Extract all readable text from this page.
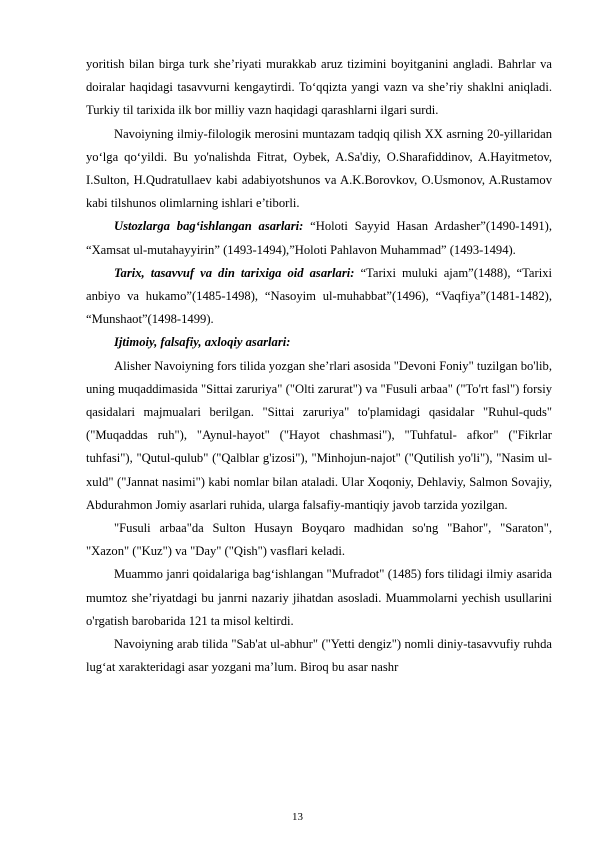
yoritish bilan birga turk she’riyati murakkab aruz tizimini boyitganini angladi. Bahrlar va doiralar haqidagi tasavvurni kengaytirdi. To‘qqizta yangi vazn va she’riy shaklni aniqladi. Turkiy til tarixida ilk bor milliy vazn haqidagi qarashlarni ilgari surdi.

Navoiyning ilmiy-filologik merosini muntazam tadqiq qilish XX asrning 20-yillaridan yo‘lga qo‘yildi. Bu yo'nalishda Fitrat, Oybek, A.Sa'diy, O.Sharafiddinov, A.Hayitmetov, I.Sulton, H.Qudratullaev kabi adabiyotshunos va A.K.Borovkov, O.Usmonov, A.Rustamov kabi tilshunos olimlarning ishlari e’tiborli.

Ustozlarga bag‘ishlangan asarlari: “Holoti Sayyid Hasan Ardasher”(1490-1491), “Xamsat ul-mutahayyirin” (1493-1494),”Holoti Pahlavon Muhammad” (1493-1494).

Tarix, tasavvuf va din tarixiga oid asarlari: “Tarixi muluki ajam”(1488), “Tarixi anbiyo va hukamo”(1485-1498), “Nasoyim ul-muhabbat”(1496), “Vaqfiya”(1481-1482), “Munshaot”(1498-1499).

Ijtimoiy, falsafiy, axloqiy asarlari:

Alisher Navoiyning fors tilida yozgan she’rlari asosida "Devoni Foniy" tuzilgan bo'lib, uning muqaddimasida "Sittai zaruriya" ("Olti zarurat") va "Fusuli arbaa" ("To'rt fasl") forsiy qasidalari majmualari berilgan. "Sittai zaruriya" to'plamidagi qasidalar "Ruhul-quds" ("Muqaddas ruh"), "Aynul-hayot" ("Hayot chashmasi"), "Tuhfatul- afkor" ("Fikrlar tuhfasi"), "Qutul-qulub" ("Qalblar g'izosi"), "Minhojun-najot" ("Qutilish yo'li"), "Nasim ul-xuld" ("Jannat nasimi") kabi nomlar bilan ataladi. Ular Xoqoniy, Dehlaviy, Salmon Sovajiy, Abdurahmon Jomiy asarlari ruhida, ularga falsafiy-mantiqiy javob tarzida yozilgan.

"Fusuli arbaa"da Sulton Husayn Boyqaro madhidan so'ng "Bahor", "Saraton", "Xazon" ("Kuz") va "Day" ("Qish") vasflari keladi.

Muammo janri qoidalariga bag‘ishlangan "Mufradot" (1485) fors tilidagi ilmiy asarida mumtoz she’riyatdagi bu janrni nazariy jihatdan asosladi. Muammolarni yechish usullarini o'rgatish barobarida 121 ta misol keltirdi.

Navoiyning arab tilida "Sab'at ul-abhur" ("Yetti dengiz") nomli diniy-tasavvufiy ruhda lug‘at xarakteridagi asar yozgani ma’lum. Biroq bu asar nashr

13
